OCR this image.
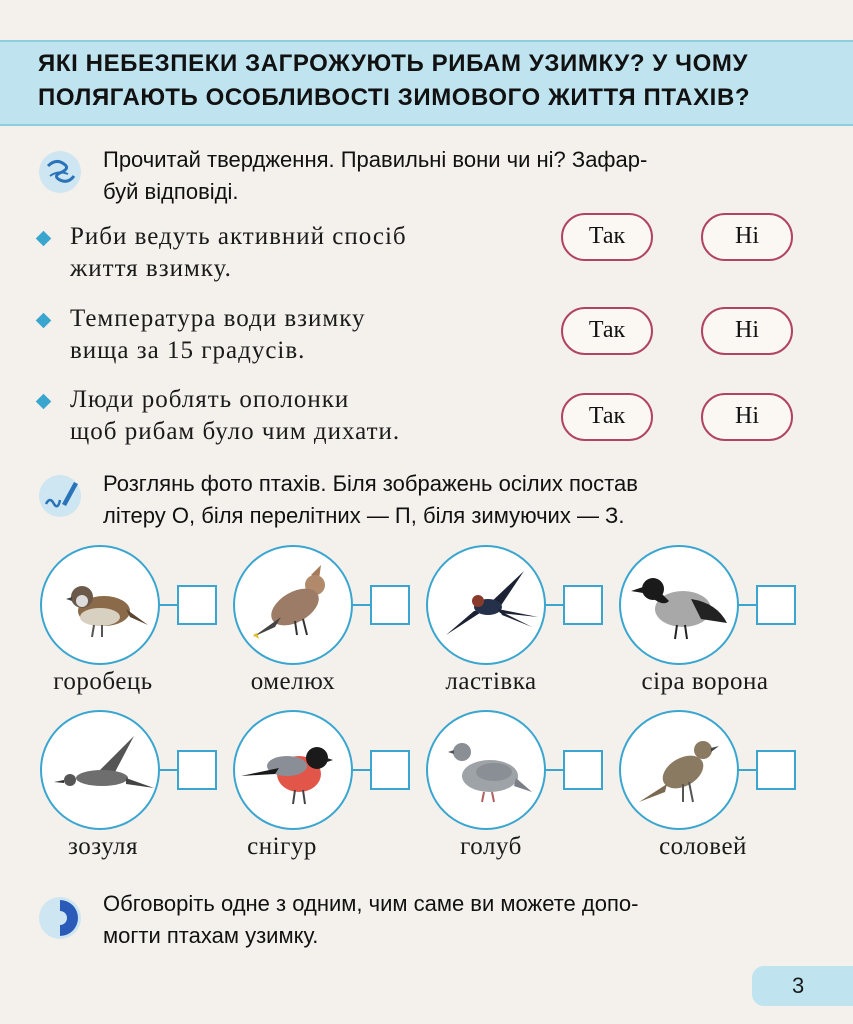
ЯКІ НЕБЕЗПЕКИ ЗАГРОЖУЮТЬ РИБАМ УЗИМКУ? У ЧОМУ
ПОЛЯГАЮТЬ ОСОБЛИВОСТІ ЗИМОВОГО ЖИТТЯ ПТАХІВ?
Прочитай твердження. Правильні вони чи ні? Зафар-
буй відповіді.
Риби ведуть активний спосіб
життя взимку.
Так	Ні
Температура води взимку
вища за 15 градусів.
Так	Ні
Люди роблять ополонки
щоб рибам було чим дихати.
Так	Ні
Розглянь фото птахів. Біля зображень осілих постав
літеру О, біля перелітних — П, біля зимуючих — З.
горобець	омелюх	ластівка	сіра ворона
зозуля	снігур	голуб	соловей
Обговоріть одне з одним, чим саме ви можете допо-
могти птахам узимку.
3
